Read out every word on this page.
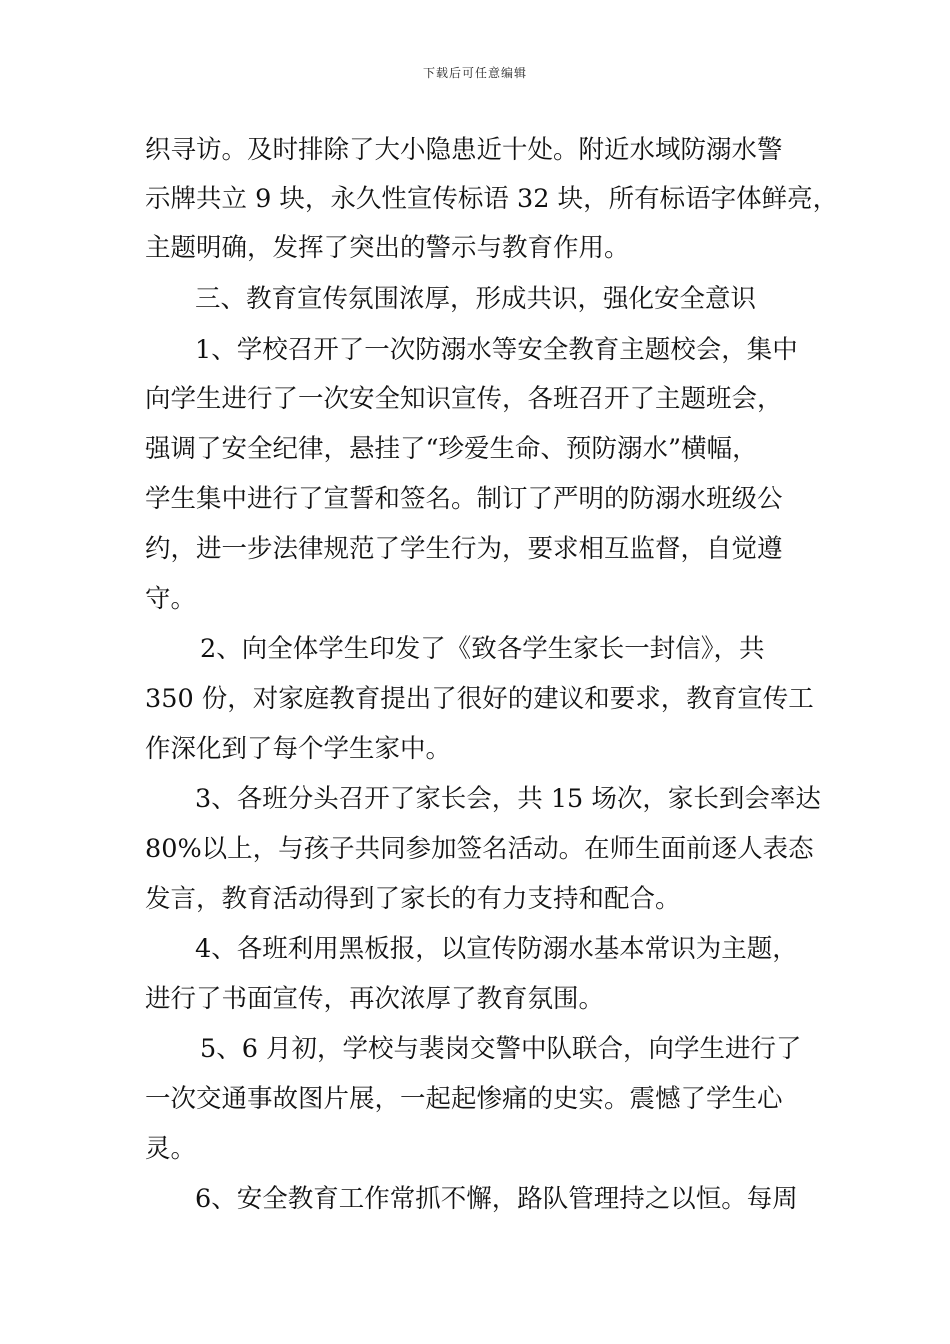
下载后可任意编辑
织寻访。及时排除了大小隐患近十处。附近水域防溺水警
示牌共立 9 块，永久性宣传标语 32 块，所有标语字体鲜亮，
主题明确，发挥了突出的警示与教育作用。
三、教育宣传氛围浓厚，形成共识，强化安全意识
1、学校召开了一次防溺水等安全教育主题校会，集中
向学生进行了一次安全知识宣传，各班召开了主题班会，
强调了安全纪律，悬挂了“珍爱生命、预防溺水”横幅，
学生集中进行了宣誓和签名。制订了严明的防溺水班级公
约，进一步法律规范了学生行为，要求相互监督，自觉遵
守。
2、向全体学生印发了《致各学生家长一封信》，共
350 份，对家庭教育提出了很好的建议和要求，教育宣传工
作深化到了每个学生家中。
3、各班分头召开了家长会，共 15 场次，家长到会率达
80%以上，与孩子共同参加签名活动。在师生面前逐人表态
发言，教育活动得到了家长的有力支持和配合。
4、各班利用黑板报，以宣传防溺水基本常识为主题，
进行了书面宣传，再次浓厚了教育氛围。
5、6 月初，学校与裴岗交警中队联合，向学生进行了
一次交通事故图片展，一起起惨痛的史实。震憾了学生心
灵。
6、安全教育工作常抓不懈，路队管理持之以恒。每周
